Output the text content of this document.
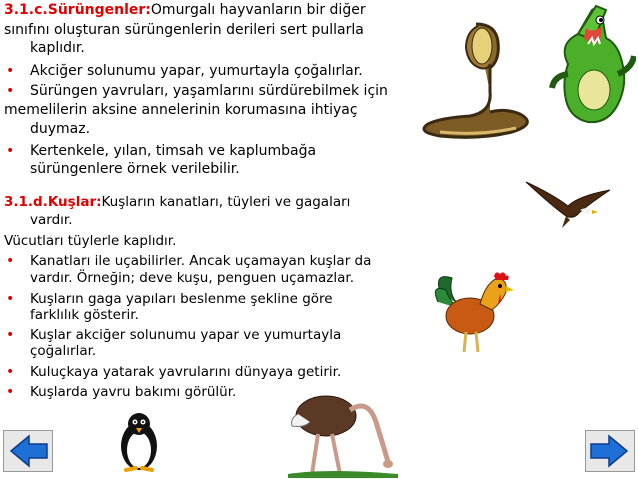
3.1.c.Sürüngenler:Omurgalı hayvanların bir diğer
sınıfını oluşturan sürüngenlerin derileri sert pullarla
kaplıdır.
• Akciğer solunumu yapar, yumurtayla çoğalırlar.
• Sürüngen yavruları, yaşamlarını sürdürebilmek için
memelilerin aksine annelerinin korumasına ihtiyaç
duymaz.
• Kertenkele, yılan, timsah ve kaplumbağa
sürüngenlere örnek verilebilir.
3.1.d.Kuşlar:Kuşların kanatları, tüyleri ve gagaları
vardır.
Vücutları tüylerle kaplıdır.
• Kanatları ile uçabilirler. Ancak uçamayan kuşlar da
vardır. Örneğin; deve kuşu, penguen uçamazlar.
• Kuşların gaga yapıları beslenme şekline göre
farklılık gösterir.
• Kuşlar akciğer solunumu yapar ve yumurtayla
çoğalırlar.
• Kuluçkaya yatarak yavrularını dünyaya getirir.
• Kuşlarda yavru bakımı görülür.
